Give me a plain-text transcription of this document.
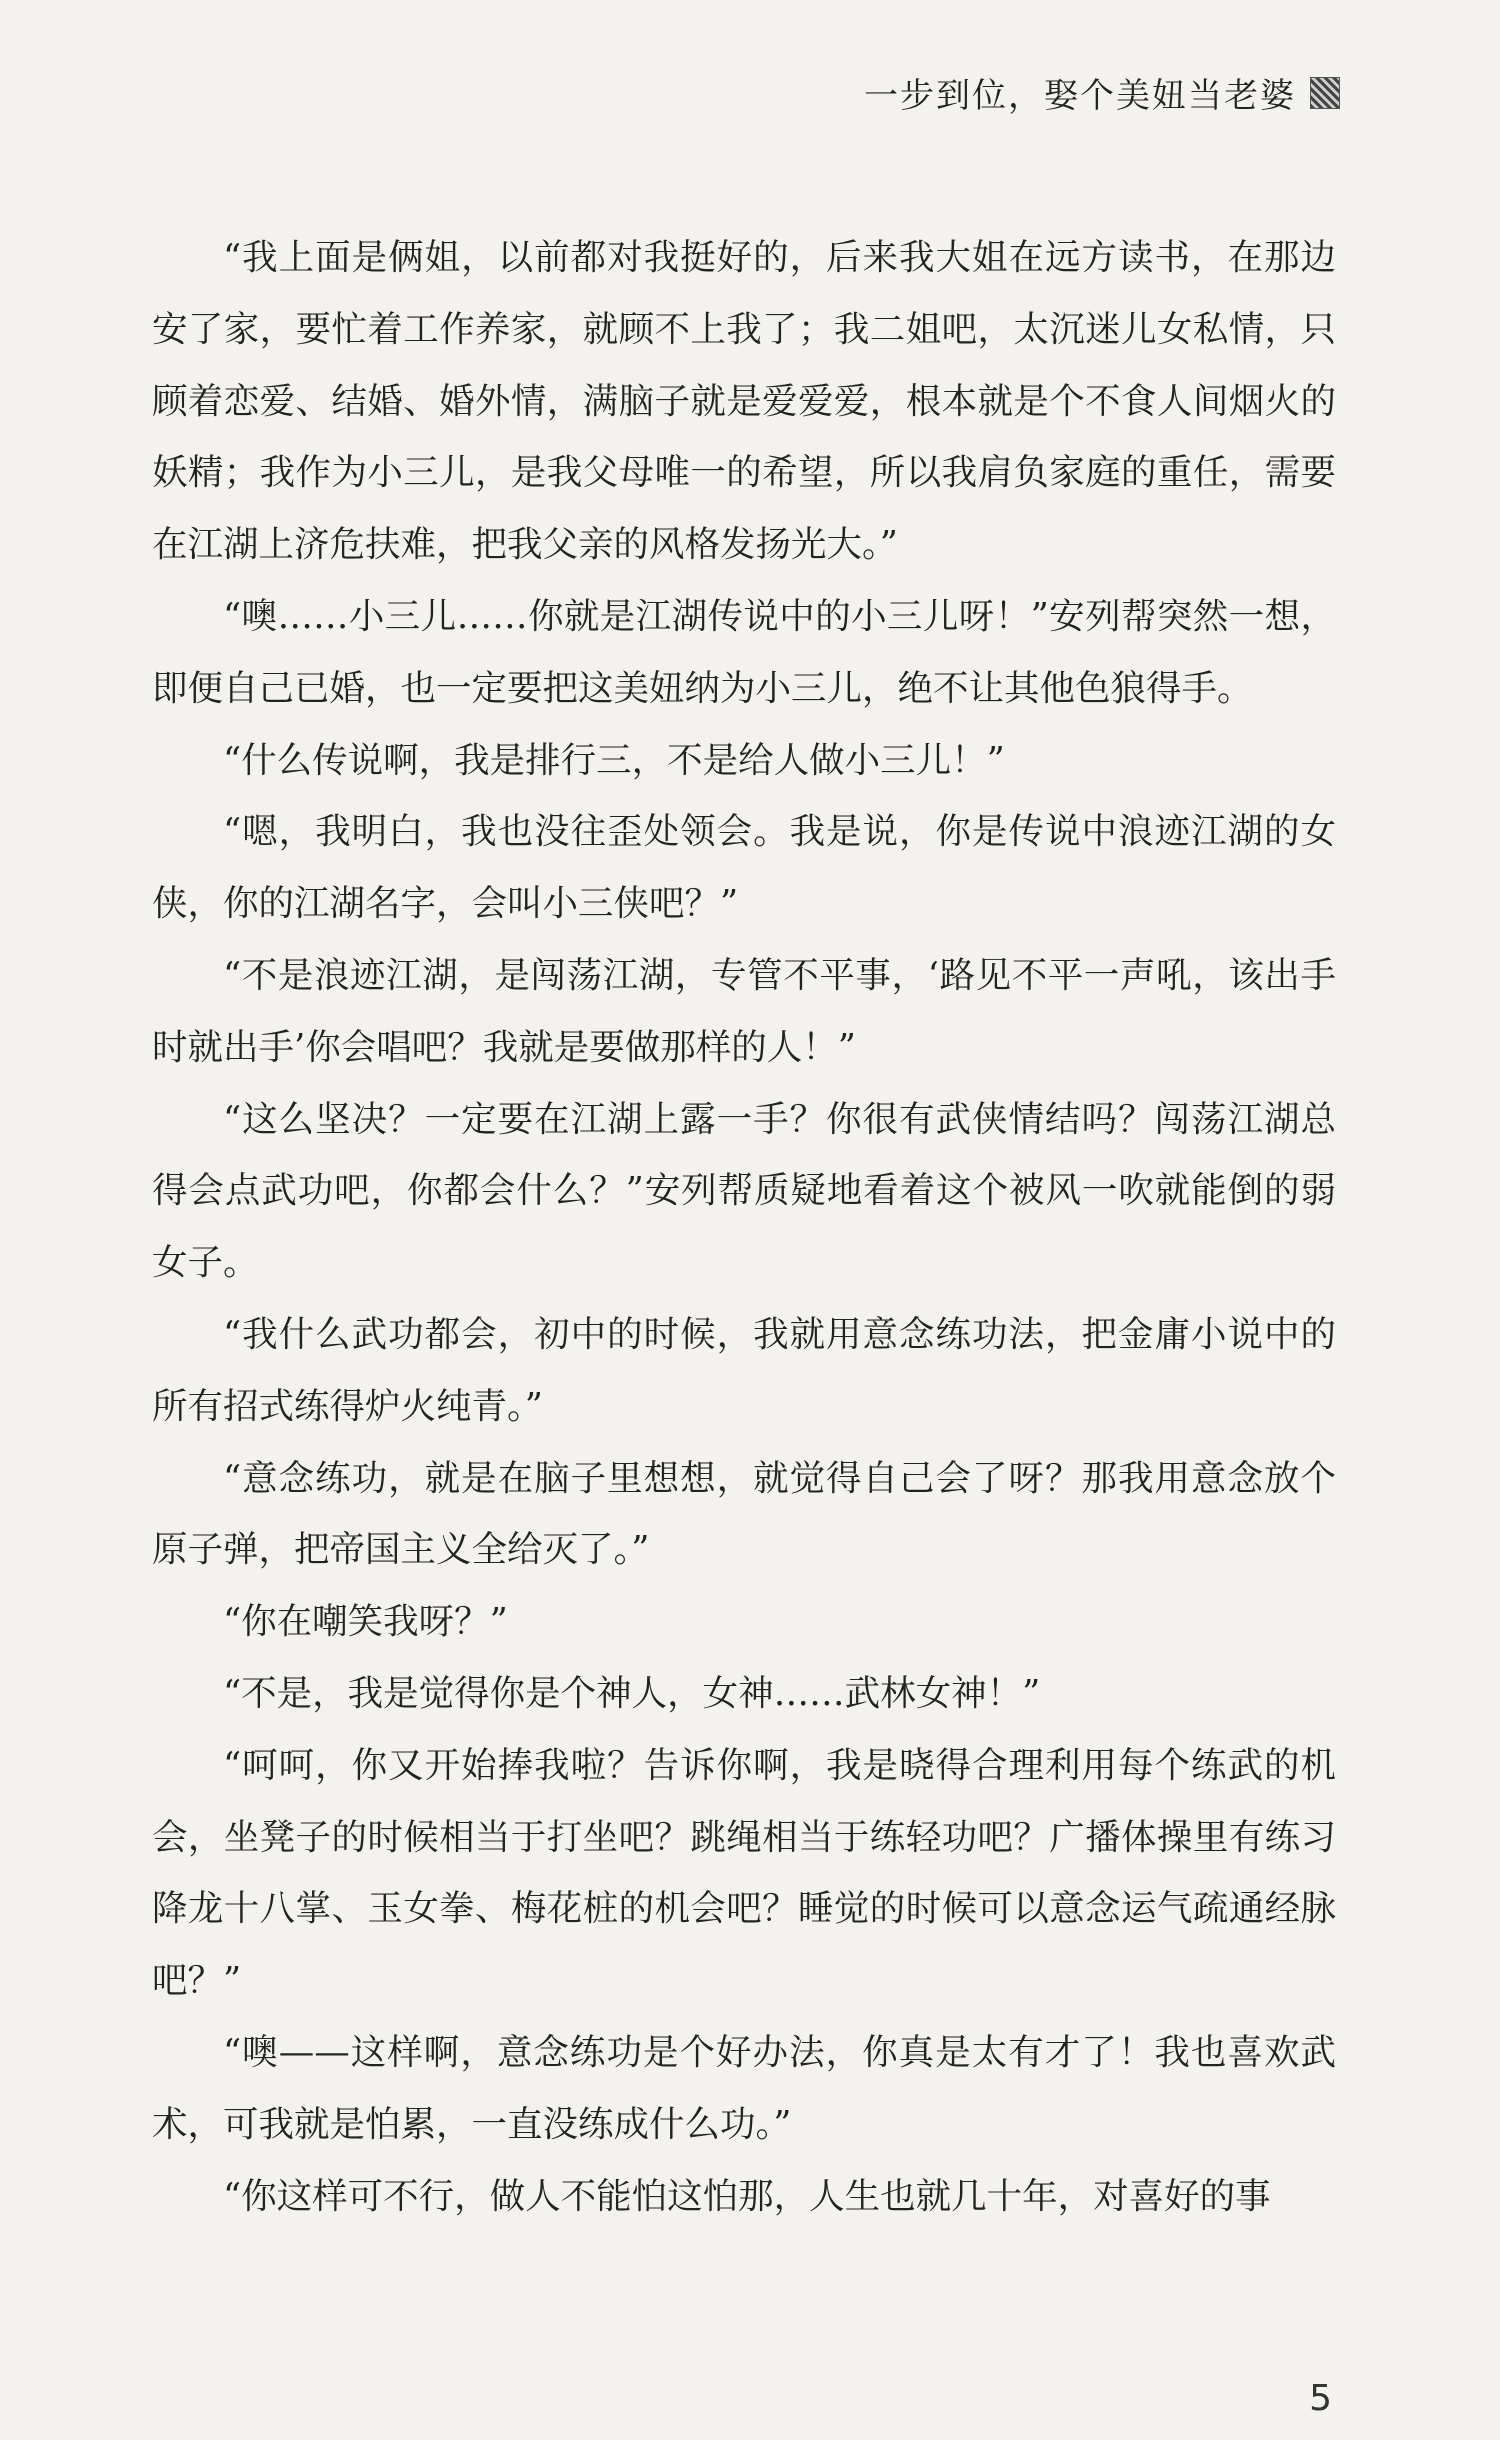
一步到位，娶个美妞当老婆

“我上面是俩姐，以前都对我挺好的，后来我大姐在远方读书，在那边安了家，要忙着工作养家，就顾不上我了；我二姐吧，太沉迷儿女私情，只顾着恋爱、结婚、婚外情，满脑子就是爱爱爱，根本就是个不食人间烟火的妖精；我作为小三儿，是我父母唯一的希望，所以我肩负家庭的重任，需要在江湖上济危扶难，把我父亲的风格发扬光大。”

“噢……小三儿……你就是江湖传说中的小三儿呀！”安列帮突然一想，即便自己已婚，也一定要把这美妞纳为小三儿，绝不让其他色狼得手。

“什么传说啊，我是排行三，不是给人做小三儿！”

“嗯，我明白，我也没往歪处领会。我是说，你是传说中浪迹江湖的女侠，你的江湖名字，会叫小三侠吧？”

“不是浪迹江湖，是闯荡江湖，专管不平事，‘路见不平一声吼，该出手时就出手’你会唱吧？我就是要做那样的人！”

“这么坚决？一定要在江湖上露一手？你很有武侠情结吗？闯荡江湖总得会点武功吧，你都会什么？”安列帮质疑地看着这个被风一吹就能倒的弱女子。

“我什么武功都会，初中的时候，我就用意念练功法，把金庸小说中的所有招式练得炉火纯青。”

“意念练功，就是在脑子里想想，就觉得自己会了呀？那我用意念放个原子弹，把帝国主义全给灭了。”

“你在嘲笑我呀？”

“不是，我是觉得你是个神人，女神……武林女神！”

“呵呵，你又开始捧我啦？告诉你啊，我是晓得合理利用每个练武的机会，坐凳子的时候相当于打坐吧？跳绳相当于练轻功吧？广播体操里有练习降龙十八掌、玉女拳、梅花桩的机会吧？睡觉的时候可以意念运气疏通经脉吧？”

“噢——这样啊，意念练功是个好办法，你真是太有才了！我也喜欢武术，可我就是怕累，一直没练成什么功。”

“你这样可不行，做人不能怕这怕那，人生也就几十年，对喜好的事

5
